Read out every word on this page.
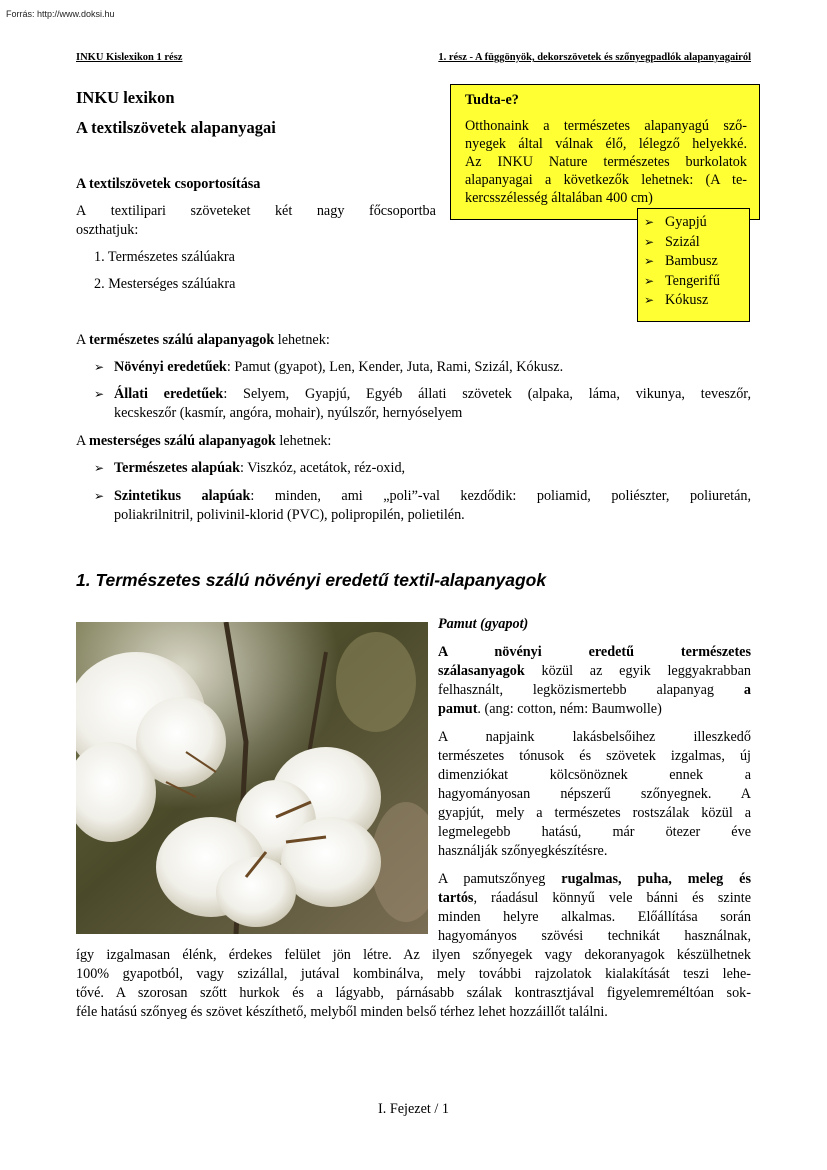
Forrás: http://www.doksi.hu
INKU Kislexikon 1 rész	1. rész - A függönyök, dekorszövetek és szőnyegpadlók alapanyagairól
INKU lexikon
A textilszövetek alapanyagai
Tudta-e?
Otthonaink a természetes alapanyagú sző-
nyegek által válnak élő, lélegző helyekké.
Az INKU Nature természetes burkolatok
alapanyagai a következők lehetnek: (A te-
kercsszélesség általában 400 cm)
➢ Gyapjú
➢ Szizál
➢ Bambusz
➢ Tengerifű
➢ Kókusz
A textilszövetek csoportosítása
A textilipari szöveteket két nagy főcsoportba
oszthatjuk:
1. Természetes szálúakra
2. Mesterséges szálúakra
A természetes szálú alapanyagok lehetnek:
➢ Növényi eredetűek: Pamut (gyapot), Len, Kender, Juta, Rami, Szizál, Kókusz.
➢ Állati eredetűek: Selyem, Gyapjú, Egyéb állati szövetek (alpaka, láma, vikunya, teveszőr,
kecskeszőr (kasmír, angóra, mohair), nyúlszőr, hernyóselyem
A mesterséges szálú alapanyagok lehetnek:
➢ Természetes alapúak: Viszkóz, acetátok, réz-oxid,
➢ Szintetikus alapúak: minden, ami „poli”-val kezdődik: poliamid, poliészter, poliuretán,
poliakrilnitril, polivinil-klorid (PVC), polipropilén, polietilén.
1. Természetes szálú növényi eredetű textil-alapanyagok
Pamut (gyapot)
A növényi eredetű természetes
szálasanyagok közül az egyik leggyakrabban
felhasznált, legközismertebb alapanyag a
pamut. (ang: cotton, ném: Baumwolle)
A napjaink lakásbelsőihez illeszkedő
természetes tónusok és szövetek izgalmas, új
dimenziókat kölcsönöznek ennek a
hagyományosan népszerű szőnyegnek. A
gyapjút, mely a természetes rostszálak közül a
legmelegebb hatású, már ötezer éve
használják szőnyegkészítésre.
A pamutszőnyeg rugalmas, puha, meleg és
tartós, ráadásul könnyű vele bánni és szinte
minden helyre alkalmas. Előállítása során
hagyományos szövési technikát használnak,
így izgalmasan élénk, érdekes felület jön létre. Az ilyen szőnyegek vagy dekoranyagok készülhetnek
100% gyapotból, vagy szizállal, jutával kombinálva, mely további rajzolatok kialakítását teszi lehe-
tővé. A szorosan szőtt hurkok és a lágyabb, párnásabb szálak kontrasztjával figyelemreméltóan sok-
féle hatású szőnyeg és szövet készíthető, melyből minden belső térhez lehet hozzáillőt találni.
I. Fejezet / 1
